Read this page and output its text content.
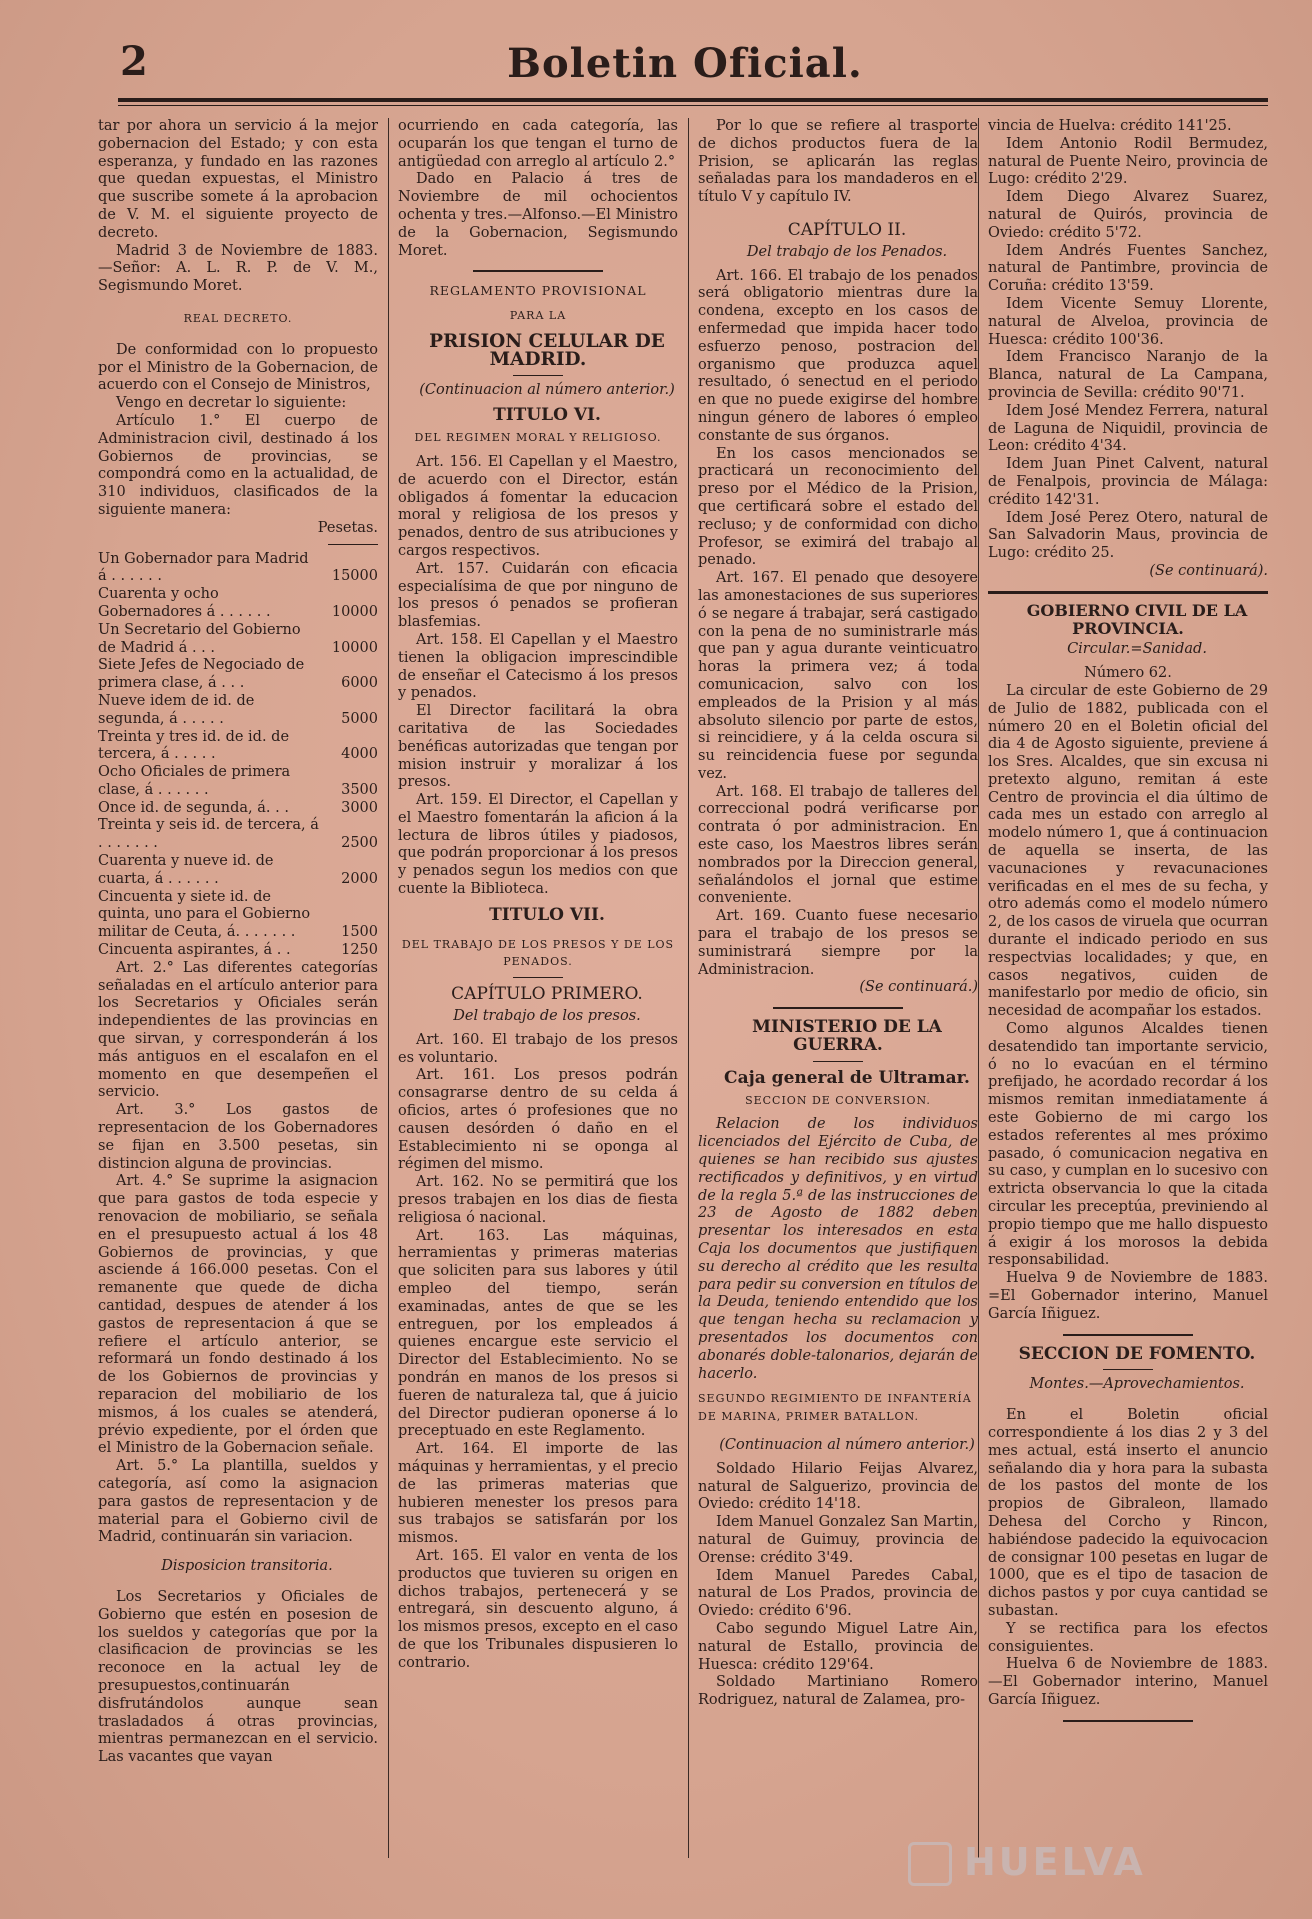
2	Boletin Oficial.

tar por ahora un servicio á la mejor gobernacion del Estado; y con esta esperanza, y fundado en las razones que quedan expuestas, el Ministro que suscribe somete á la aprobacion de V. M. el siguiente proyecto de decreto.

Madrid 3 de Noviembre de 1883. —Señor: A. L. R. P. de V. M., Segismundo Moret.

REAL DECRETO.

De conformidad con lo propuesto por el Ministro de la Gobernacion, de acuerdo con el Consejo de Ministros,

Vengo en decretar lo siguiente:

Artículo 1.° El cuerpo de Administracion civil, destinado á los Gobiernos de provincias, se compondrá como en la actualidad, de 310 individuos, clasificados de la siguiente manera:

Pesetas.

Un Gobernador para Madrid á . . . . . .	15000
Cuarenta y ocho Gobernadores á . . . . . .	10000
Un Secretario del Gobierno de Madrid á . . .	10000
Siete Jefes de Negociado de primera clase, á . . .	6000
Nueve idem de id. de segunda, á . . . . .	5000
Treinta y tres id. de id. de tercera, á . . . . .	4000
Ocho Oficiales de primera clase, á . . . . . .	3500
Once id. de segunda, á. . .	3000
Treinta y seis id. de tercera, á . . . . . . .	2500
Cuarenta y nueve id. de cuarta, á . . . . . .	2000
Cincuenta y siete id. de quinta, uno para el Gobierno militar de Ceuta, á. . . . . . .	1500
Cincuenta aspirantes, á . .	1250

Art. 2.° Las diferentes categorías señaladas en el artículo anterior para los Secretarios y Oficiales serán independientes de las provincias en que sirvan, y corresponderán á los más antiguos en el escalafon en el momento en que desempeñen el servicio.

Art. 3.° Los gastos de representacion de los Gobernadores se fijan en 3.500 pesetas, sin distincion alguna de provincias.

Art. 4.° Se suprime la asignacion que para gastos de toda especie y renovacion de mobiliario, se señala en el presupuesto actual á los 48 Gobiernos de provincias, y que asciende á 166.000 pesetas. Con el remanente que quede de dicha cantidad, despues de atender á los gastos de representacion á que se refiere el artículo anterior, se reformará un fondo destinado á los de los Gobiernos de provincias y reparacion del mobiliario de los mismos, á los cuales se atenderá, prévio expediente, por el órden que el Ministro de la Gobernacion señale.

Art. 5.° La plantilla, sueldos y categoría, así como la asignacion para gastos de representacion y de material para el Gobierno civil de Madrid, continuarán sin variacion.

Disposicion transitoria.

Los Secretarios y Oficiales de Gobierno que estén en posesion de los sueldos y categorías que por la clasificacion de provincias se les reconoce en la actual ley de presupuestos,continuarán disfrutándolos aunque sean trasladados á otras provincias, mientras permanezcan en el servicio. Las vacantes que vayan

ocurriendo en cada categoría, las ocuparán los que tengan el turno de antigüedad con arreglo al artículo 2.°

Dado en Palacio á tres de Noviembre de mil ochocientos ochenta y tres.—Alfonso.—El Ministro de la Gobernacion, Segismundo Moret.

REGLAMENTO PROVISIONAL

PARA LA

PRISION CELULAR DE MADRID.

(Continuacion al número anterior.)

TITULO VI.

DEL REGIMEN MORAL Y RELIGIOSO.

Art. 156. El Capellan y el Maestro, de acuerdo con el Director, están obligados á fomentar la educacion moral y religiosa de los presos y penados, dentro de sus atribuciones y cargos respectivos.

Art. 157. Cuidarán con eficacia especialísima de que por ninguno de los presos ó penados se profieran blasfemias.

Art. 158. El Capellan y el Maestro tienen la obligacion imprescindible de enseñar el Catecismo á los presos y penados.

El Director facilitará la obra caritativa de las Sociedades benéficas autorizadas que tengan por mision instruir y moralizar á los presos.

Art. 159. El Director, el Capellan y el Maestro fomentarán la aficion á la lectura de libros útiles y piadosos, que podrán proporcionar á los presos y penados segun los medios con que cuente la Biblioteca.

TITULO VII.

DEL TRABAJO DE LOS PRESOS Y DE LOS PENADOS.

CAPÍTULO PRIMERO.

Del trabajo de los presos.

Art. 160. El trabajo de los presos es voluntario.

Art. 161. Los presos podrán consagrarse dentro de su celda á oficios, artes ó profesiones que no causen desórden ó daño en el Establecimiento ni se oponga al régimen del mismo.

Art. 162. No se permitirá que los presos trabajen en los dias de fiesta religiosa ó nacional.

Art. 163. Las máquinas, herramientas y primeras materias que soliciten para sus labores y útil empleo del tiempo, serán examinadas, antes de que se les entreguen, por los empleados á quienes encargue este servicio el Director del Establecimiento. No se pondrán en manos de los presos si fueren de naturaleza tal, que á juicio del Director pudieran oponerse á lo preceptuado en este Reglamento.

Art. 164. El importe de las máquinas y herramientas, y el precio de las primeras materias que hubieren menester los presos para sus trabajos se satisfarán por los mismos.

Art. 165. El valor en venta de los productos que tuvieren su origen en dichos trabajos, pertenecerá y se entregará, sin descuento alguno, á los mismos presos, excepto en el caso de que los Tribunales dispusieren lo contrario.

Por lo que se refiere al trasporte de dichos productos fuera de la Prision, se aplicarán las reglas señaladas para los mandaderos en el título V y capítulo IV.

CAPÍTULO II.

Del trabajo de los Penados.

Art. 166. El trabajo de los penados será obligatorio mientras dure la condena, excepto en los casos de enfermedad que impida hacer todo esfuerzo penoso, postracion del organismo que produzca aquel resultado, ó senectud en el periodo en que no puede exigirse del hombre ningun género de labores ó empleo constante de sus órganos.

En los casos mencionados se practicará un reconocimiento del preso por el Médico de la Prision, que certificará sobre el estado del recluso; y de conformidad con dicho Profesor, se eximirá del trabajo al penado.

Art. 167. El penado que desoyere las amonestaciones de sus superiores ó se negare á trabajar, será castigado con la pena de no suministrarle más que pan y agua durante veinticuatro horas la primera vez; á toda comunicacion, salvo con los empleados de la Prision y al más absoluto silencio por parte de estos, si reincidiere, y á la celda oscura si su reincidencia fuese por segunda vez.

Art. 168. El trabajo de talleres del correccional podrá verificarse por contrata ó por administracion. En este caso, los Maestros libres serán nombrados por la Direccion general, señalándolos el jornal que estime conveniente.

Art. 169. Cuanto fuese necesario para el trabajo de los presos se suministrará siempre por la Administracion.

(Se continuará.)

MINISTERIO DE LA GUERRA.

Caja general de Ultramar.

SECCION DE CONVERSION.

Relacion de los individuos licenciados del Ejército de Cuba, de quienes se han recibido sus ajustes rectificados y definitivos, y en virtud de la regla 5.ª de las instrucciones de 23 de Agosto de 1882 deben presentar los interesados en esta Caja los documentos que justifiquen su derecho al crédito que les resulta para pedir su conversion en títulos de la Deuda, teniendo entendido que los que tengan hecha su reclamacion y presentados los documentos con abonarés doble-talonarios, dejarán de hacerlo.

SEGUNDO REGIMIENTO DE INFANTERÍA DE MARINA, PRIMER BATALLON.

(Continuacion al número anterior.)

Soldado Hilario Feijas Alvarez, natural de Salguerizo, provincia de Oviedo: crédito 14'18.

Idem Manuel Gonzalez San Martin, natural de Guimuy, provincia de Orense: crédito 3'49.

Idem Manuel Paredes Cabal, natural de Los Prados, provincia de Oviedo: crédito 6'96.

Cabo segundo Miguel Latre Ain, natural de Estallo, provincia de Huesca: crédito 129'64.

Soldado Martiniano Romero Rodriguez, natural de Zalamea, pro-

vincia de Huelva: crédito 141'25.

Idem Antonio Rodil Bermudez, natural de Puente Neiro, provincia de Lugo: crédito 2'29.

Idem Diego Alvarez Suarez, natural de Quirós, provincia de Oviedo: crédito 5'72.

Idem Andrés Fuentes Sanchez, natural de Pantimbre, provincia de Coruña: crédito 13'59.

Idem Vicente Semuy Llorente, natural de Alveloa, provincia de Huesca: crédito 100'36.

Idem Francisco Naranjo de la Blanca, natural de La Campana, provincia de Sevilla: crédito 90'71.

Idem José Mendez Ferrera, natural de Laguna de Niquidil, provincia de Leon: crédito 4'34.

Idem Juan Pinet Calvent, natural de Fenalpois, provincia de Málaga: crédito 142'31.

Idem José Perez Otero, natural de San Salvadorin Maus, provincia de Lugo: crédito 25.

(Se continuará).

GOBIERNO CIVIL DE LA PROVINCIA.

Circular.=Sanidad.

Número 62.

La circular de este Gobierno de 29 de Julio de 1882, publicada con el número 20 en el Boletin oficial del dia 4 de Agosto siguiente, previene á los Sres. Alcaldes, que sin excusa ni pretexto alguno, remitan á este Centro de provincia el dia último de cada mes un estado con arreglo al modelo número 1, que á continuacion de aquella se inserta, de las vacunaciones y revacunaciones verificadas en el mes de su fecha, y otro además como el modelo número 2, de los casos de viruela que ocurran durante el indicado periodo en sus respectvias localidades; y que, en casos negativos, cuiden de manifestarlo por medio de oficio, sin necesidad de acompañar los estados.

Como algunos Alcaldes tienen desatendido tan importante servicio, ó no lo evacúan en el término prefijado, he acordado recordar á los mismos remitan inmediatamente á este Gobierno de mi cargo los estados referentes al mes próximo pasado, ó comunicacion negativa en su caso, y cumplan en lo sucesivo con extricta observancia lo que la citada circular les preceptúa, previniendo al propio tiempo que me hallo dispuesto á exigir á los morosos la debida responsabilidad.

Huelva 9 de Noviembre de 1883. =El Gobernador interino, Manuel García Iñiguez.

SECCION DE FOMENTO.

Montes.—Aprovechamientos.

En el Boletin oficial correspondiente á los dias 2 y 3 del mes actual, está inserto el anuncio señalando dia y hora para la subasta de los pastos del monte de los propios de Gibraleon, llamado Dehesa del Corcho y Rincon, habiéndose padecido la equivocacion de consignar 100 pesetas en lugar de 1000, que es el tipo de tasacion de dichos pastos y por cuya cantidad se subastan.

Y se rectifica para los efectos consiguientes.

Huelva 6 de Noviembre de 1883. —El Gobernador interino, Manuel García Iñiguez.

HUELVA
